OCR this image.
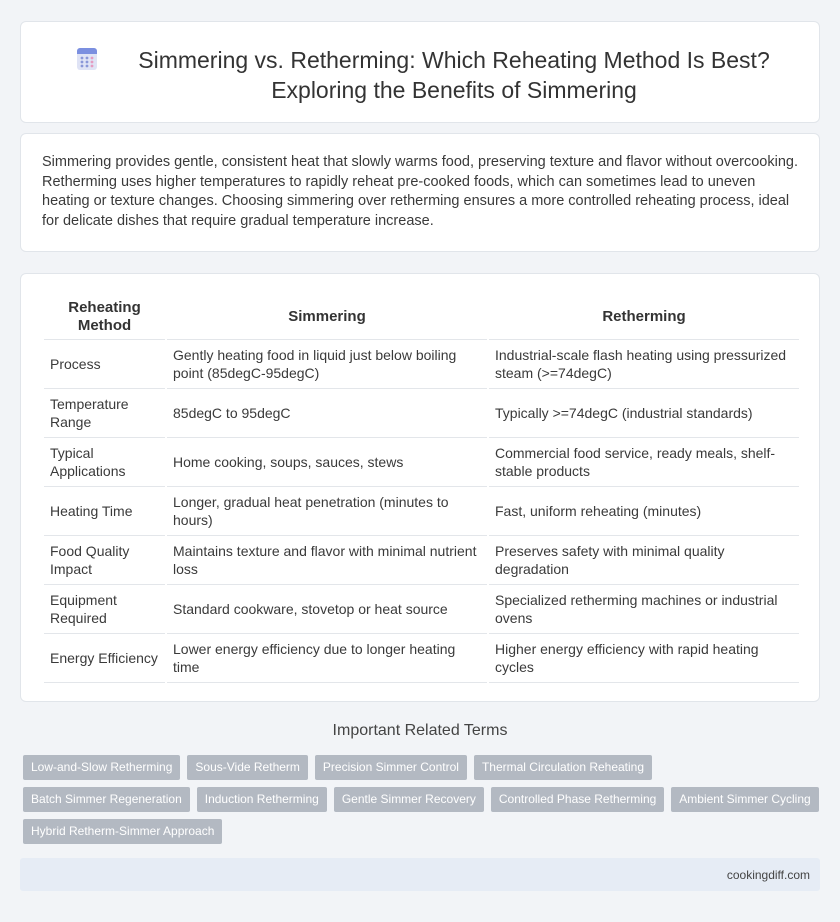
Simmering vs. Retherming: Which Reheating Method Is Best? Exploring the Benefits of Simmering

Simmering provides gentle, consistent heat that slowly warms food, preserving texture and flavor without overcooking. Retherming uses higher temperatures to rapidly reheat pre-cooked foods, which can sometimes lead to uneven heating or texture changes. Choosing simmering over retherming ensures a more controlled reheating process, ideal for delicate dishes that require gradual temperature increase.

Reheating Method	Simmering	Retherming
Process	Gently heating food in liquid just below boiling point (85degC-95degC)	Industrial-scale flash heating using pressurized steam (>=74degC)
Temperature Range	85degC to 95degC	Typically >=74degC (industrial standards)
Typical Applications	Home cooking, soups, sauces, stews	Commercial food service, ready meals, shelf-stable products
Heating Time	Longer, gradual heat penetration (minutes to hours)	Fast, uniform reheating (minutes)
Food Quality Impact	Maintains texture and flavor with minimal nutrient loss	Preserves safety with minimal quality degradation
Equipment Required	Standard cookware, stovetop or heat source	Specialized retherming machines or industrial ovens
Energy Efficiency	Lower energy efficiency due to longer heating time	Higher energy efficiency with rapid heating cycles
Important Related Terms
Low-and-Slow Retherming	Sous-Vide Retherm	Precision Simmer Control	Thermal Circulation Reheating
Batch Simmer Regeneration	Induction Retherming	Gentle Simmer Recovery	Controlled Phase Retherming	Ambient Simmer Cycling
Hybrid Retherm-Simmer Approach
cookingdiff.com
